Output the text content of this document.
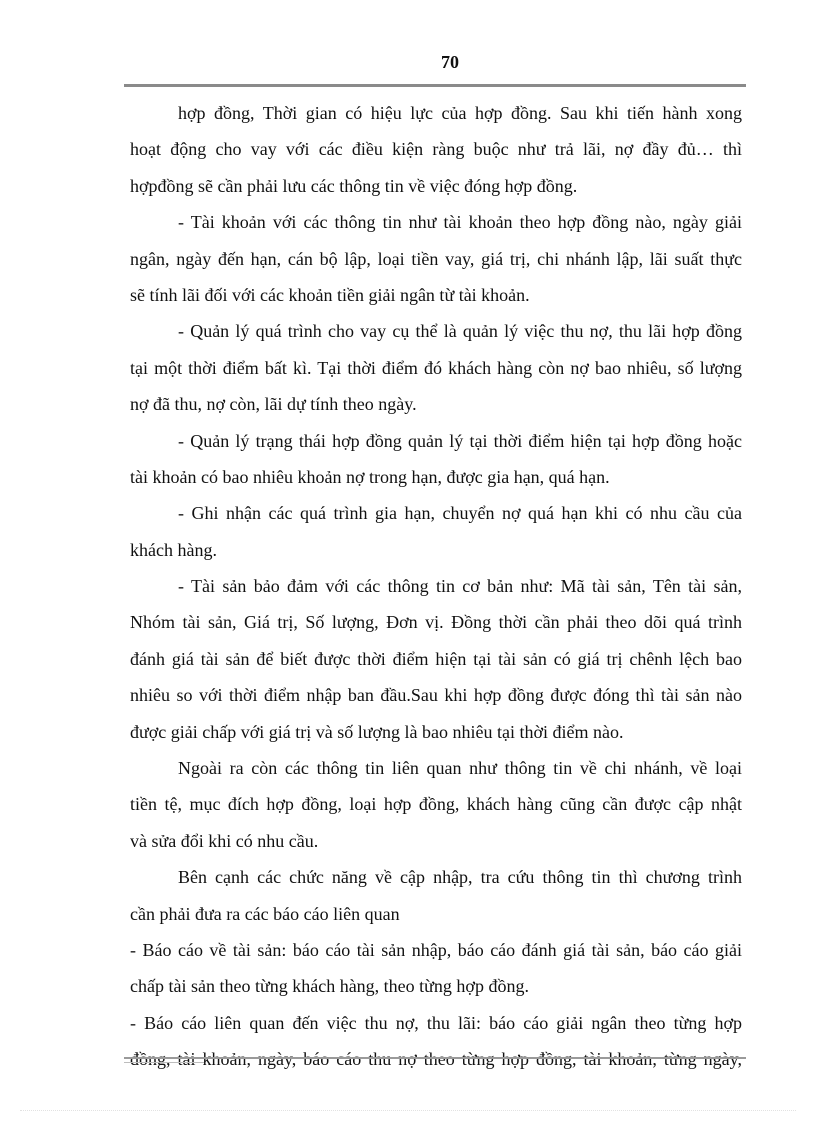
70
hợp đồng, Thời gian có hiệu lực của hợp đồng. Sau khi tiến hành xong
hoạt động cho vay với các điều kiện ràng buộc như trả lãi, nợ đầy đủ… thì
hợpđồng sẽ cần phải lưu các thông tin về việc đóng hợp đồng.
- Tài khoản với các thông tin như tài khoản theo hợp đồng nào, ngày giải
ngân, ngày đến hạn, cán bộ lập, loại tiền vay, giá trị, chi nhánh lập, lãi suất thực
sẽ tính lãi đối với các khoản tiền giải ngân từ tài khoản.
- Quản lý quá trình cho vay cụ thể là quản lý việc thu nợ, thu lãi hợp đồng
tại một thời điểm bất kì. Tại thời điểm đó khách hàng còn nợ bao nhiêu, số lượng
nợ đã thu, nợ còn, lãi dự tính theo ngày.
- Quản lý trạng thái hợp đồng quản lý tại thời điểm hiện tại hợp đồng hoặc
tài khoản có bao nhiêu khoản nợ trong hạn, được gia hạn, quá hạn.
- Ghi nhận các quá trình gia hạn, chuyển nợ quá hạn khi có nhu cầu của
khách hàng.
- Tài sản bảo đảm với các thông tin cơ bản như: Mã tài sản, Tên tài sản,
Nhóm tài sản, Giá trị, Số lượng, Đơn vị. Đồng thời cần phải theo dõi quá trình
đánh giá tài sản để biết được thời điểm hiện tại tài sản có giá trị chênh lệch bao
nhiêu so với thời điểm nhập ban đầu.Sau khi hợp đồng được đóng thì tài sản nào
được giải chấp với giá trị và số lượng là bao nhiêu tại thời điểm nào.
Ngoài ra còn các thông tin liên quan như thông tin về chi nhánh, về loại
tiền tệ, mục đích hợp đồng, loại hợp đồng, khách hàng cũng cần được cập nhật
và sửa đổi khi có nhu cầu.
Bên cạnh các chức năng về cập nhập, tra cứu thông tin thì chương trình
cần phải đưa ra các báo cáo liên quan
- Báo cáo về tài sản: báo cáo tài sản nhập, báo cáo đánh giá tài sản, báo cáo giải
chấp tài sản theo từng khách hàng, theo từng hợp đồng.
- Báo cáo liên quan đến việc thu nợ, thu lãi: báo cáo giải ngân theo từng hợp
đồng, tài khoản, ngày, báo cáo thu nợ theo từng hợp đồng, tài khoản, từng ngày,
